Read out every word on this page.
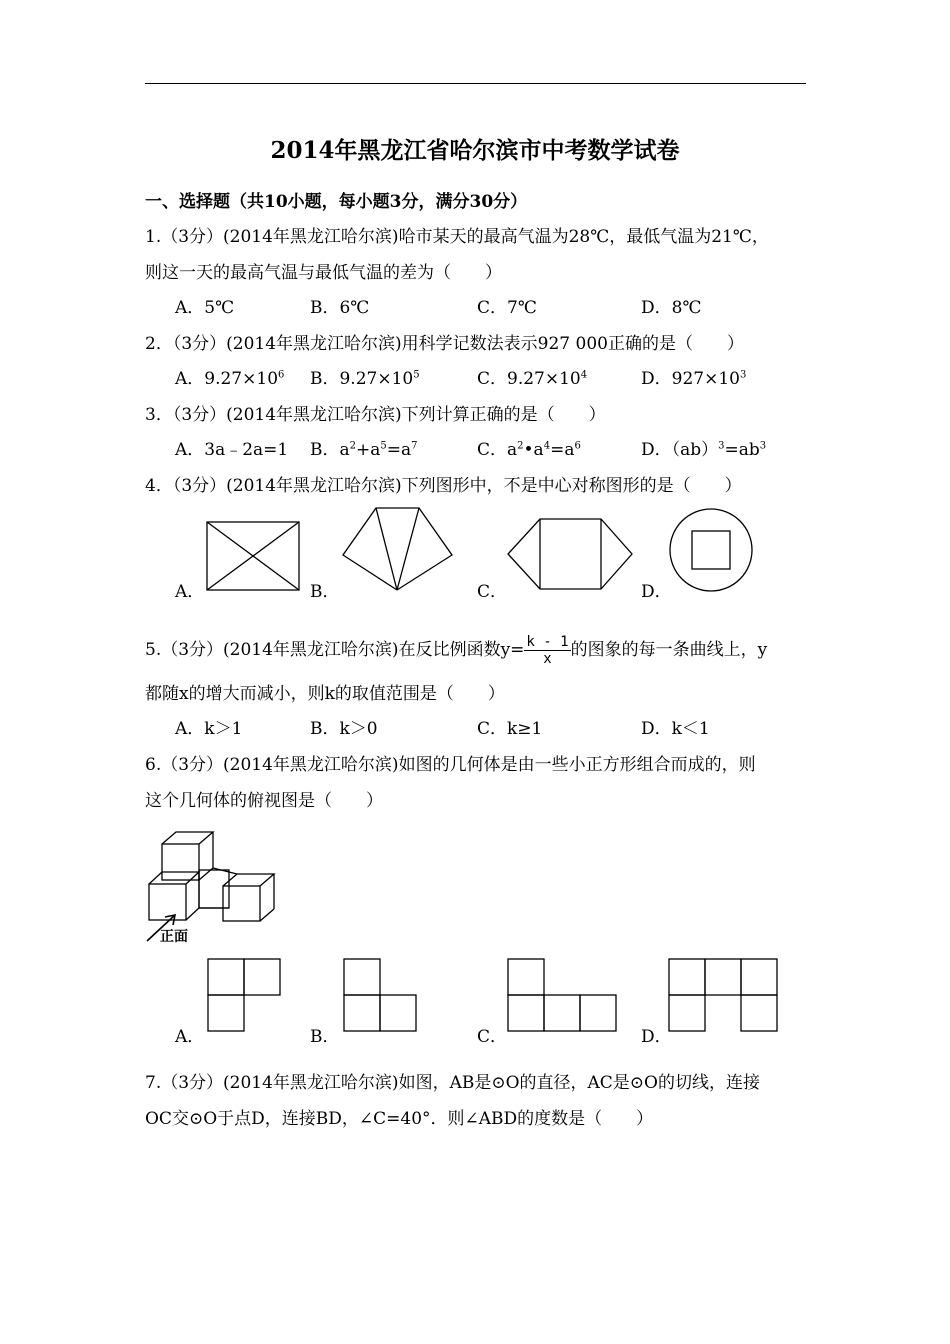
2014年黑龙江省哈尔滨市中考数学试卷
一、选择题（共10小题，每小题3分，满分30分）
1.（3分）(2014年黑龙江哈尔滨)哈市某天的最高气温为28℃，最低气温为21℃，
则这一天的最高气温与最低气温的差为（　　）
A．5℃	B．6℃	C．7℃	D．8℃
2．（3分）(2014年黑龙江哈尔滨)用科学记数法表示927 000正确的是（　　）
A．$9.27\times 10^6$ B．$9.27\times 10^5$	C．$9.27\times 10^4$	D．$927\times 10^3$
3．（3分）(2014年黑龙江哈尔滨)下列计算正确的是（　　）
A．3a﹣2a=1 B．$a^2+a^5=a^7$	C．$a^2•a^4=a^6$	D．$(ab)^3=ab^3$
4．（3分）(2014年黑龙江哈尔滨)下列图形中，不是中心对称图形的是（　　）
A．	B．	C．	D．
5.（3分）(2014年黑龙江哈尔滨)在反比例函数$y= \frac{k - 1}{x}$ 的图象的每一条曲线上，y
都随x的增大而减小，则k的取值范围是（　　）
A．k＞1	B．k＞0	C．k≥1	D．k＜1
6.（3分）(2014年黑龙江哈尔滨)如图的几何体是由一些小正方形组合而成的，则
这个几何体的俯视图是（　　）
正面
A．	B．	C．	D．
7.（3分）(2014年黑龙江哈尔滨)如图，AB是⊙O的直径，AC是⊙O的切线，连接
OC交⊙O于点D，连接BD，∠C=40°．则∠ABD的度数是（　　）
